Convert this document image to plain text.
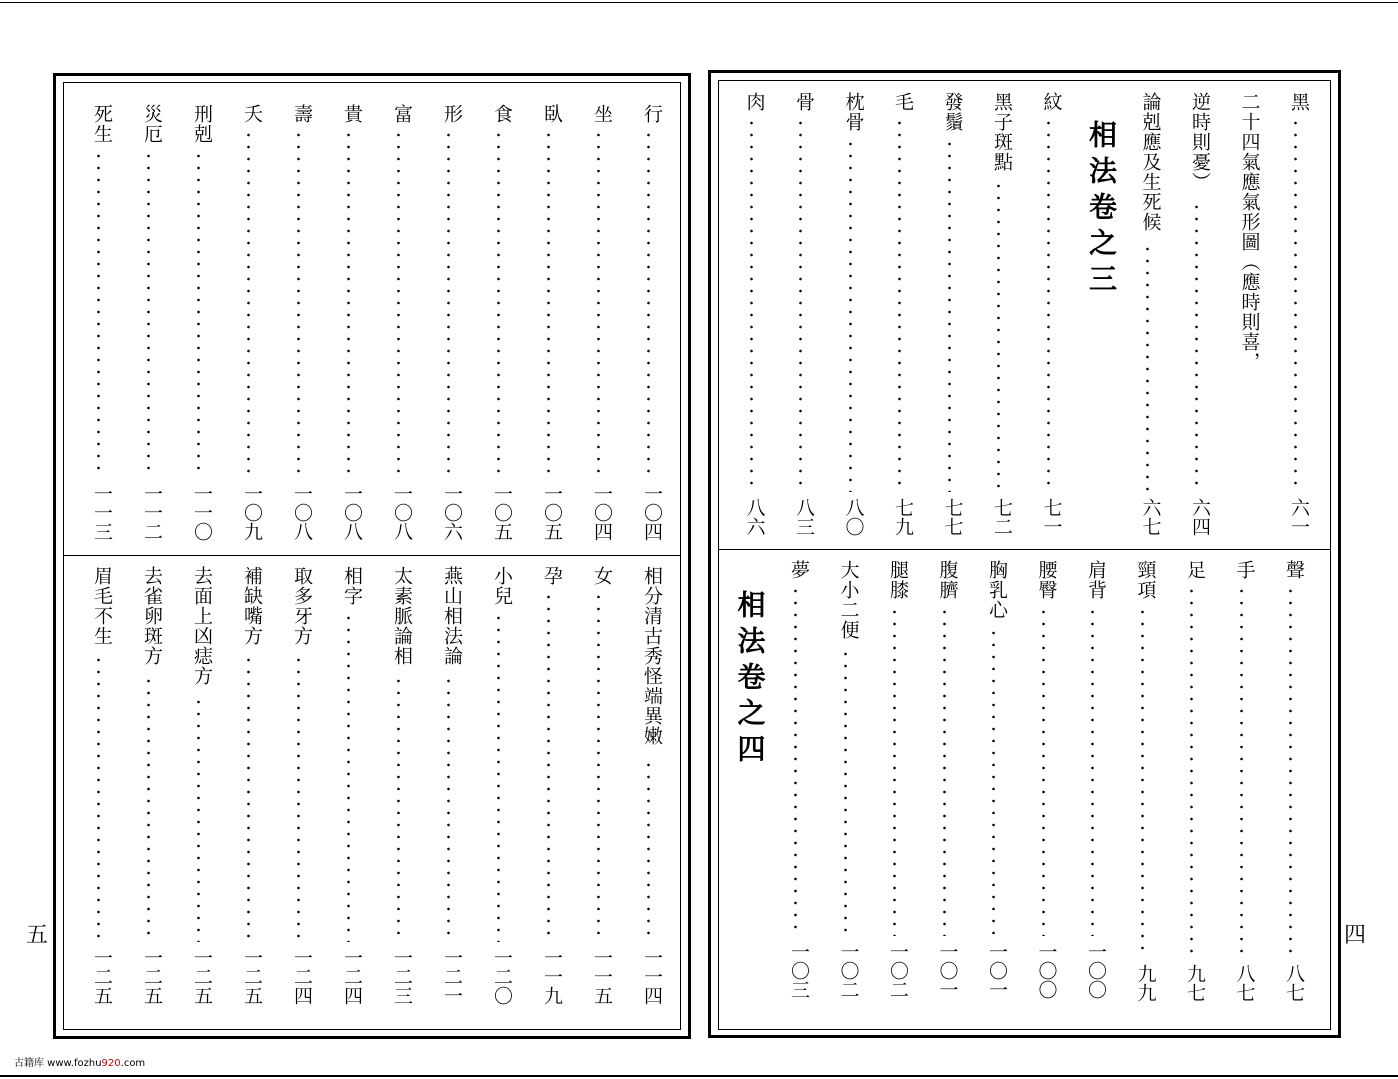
行
一〇四
坐
一〇四
臥
一〇五
食
一〇五
形
一〇六
富
一〇八
貴
一〇八
壽
一〇八
夭
一〇九
刑剋
一一〇
災厄
一一二
死生
一一三
相分清古秀怪端異嫩
一一四
女
一一五
孕
一一九
小兒
一二〇
燕山相法論
一二一
太素脈論相
一二三
相字
一二四
取多牙方
一二四
補缺嘴方
一二五
去面上凶痣方
一二五
去雀卵斑方
一二五
眉毛不生
一二五
五
黑
六一
二十四氣應氣形圖（應時則喜，
逆時則憂）
六四
論剋應及生死候
六七
相法卷之三
紋
七一
黑子斑點
七二
發鬚
七七
毛
七九
枕骨
八〇
骨
八三
肉
八六
聲
八七
手
八七
足
九七
頸項
九九
肩背
一〇〇
腰臀
一〇〇
胸乳心
一〇一
腹臍
一〇一
腿膝
一〇二
大小二便
一〇二
夢
一〇三
相法卷之四
四
古籍库 www.fozhu920.com
